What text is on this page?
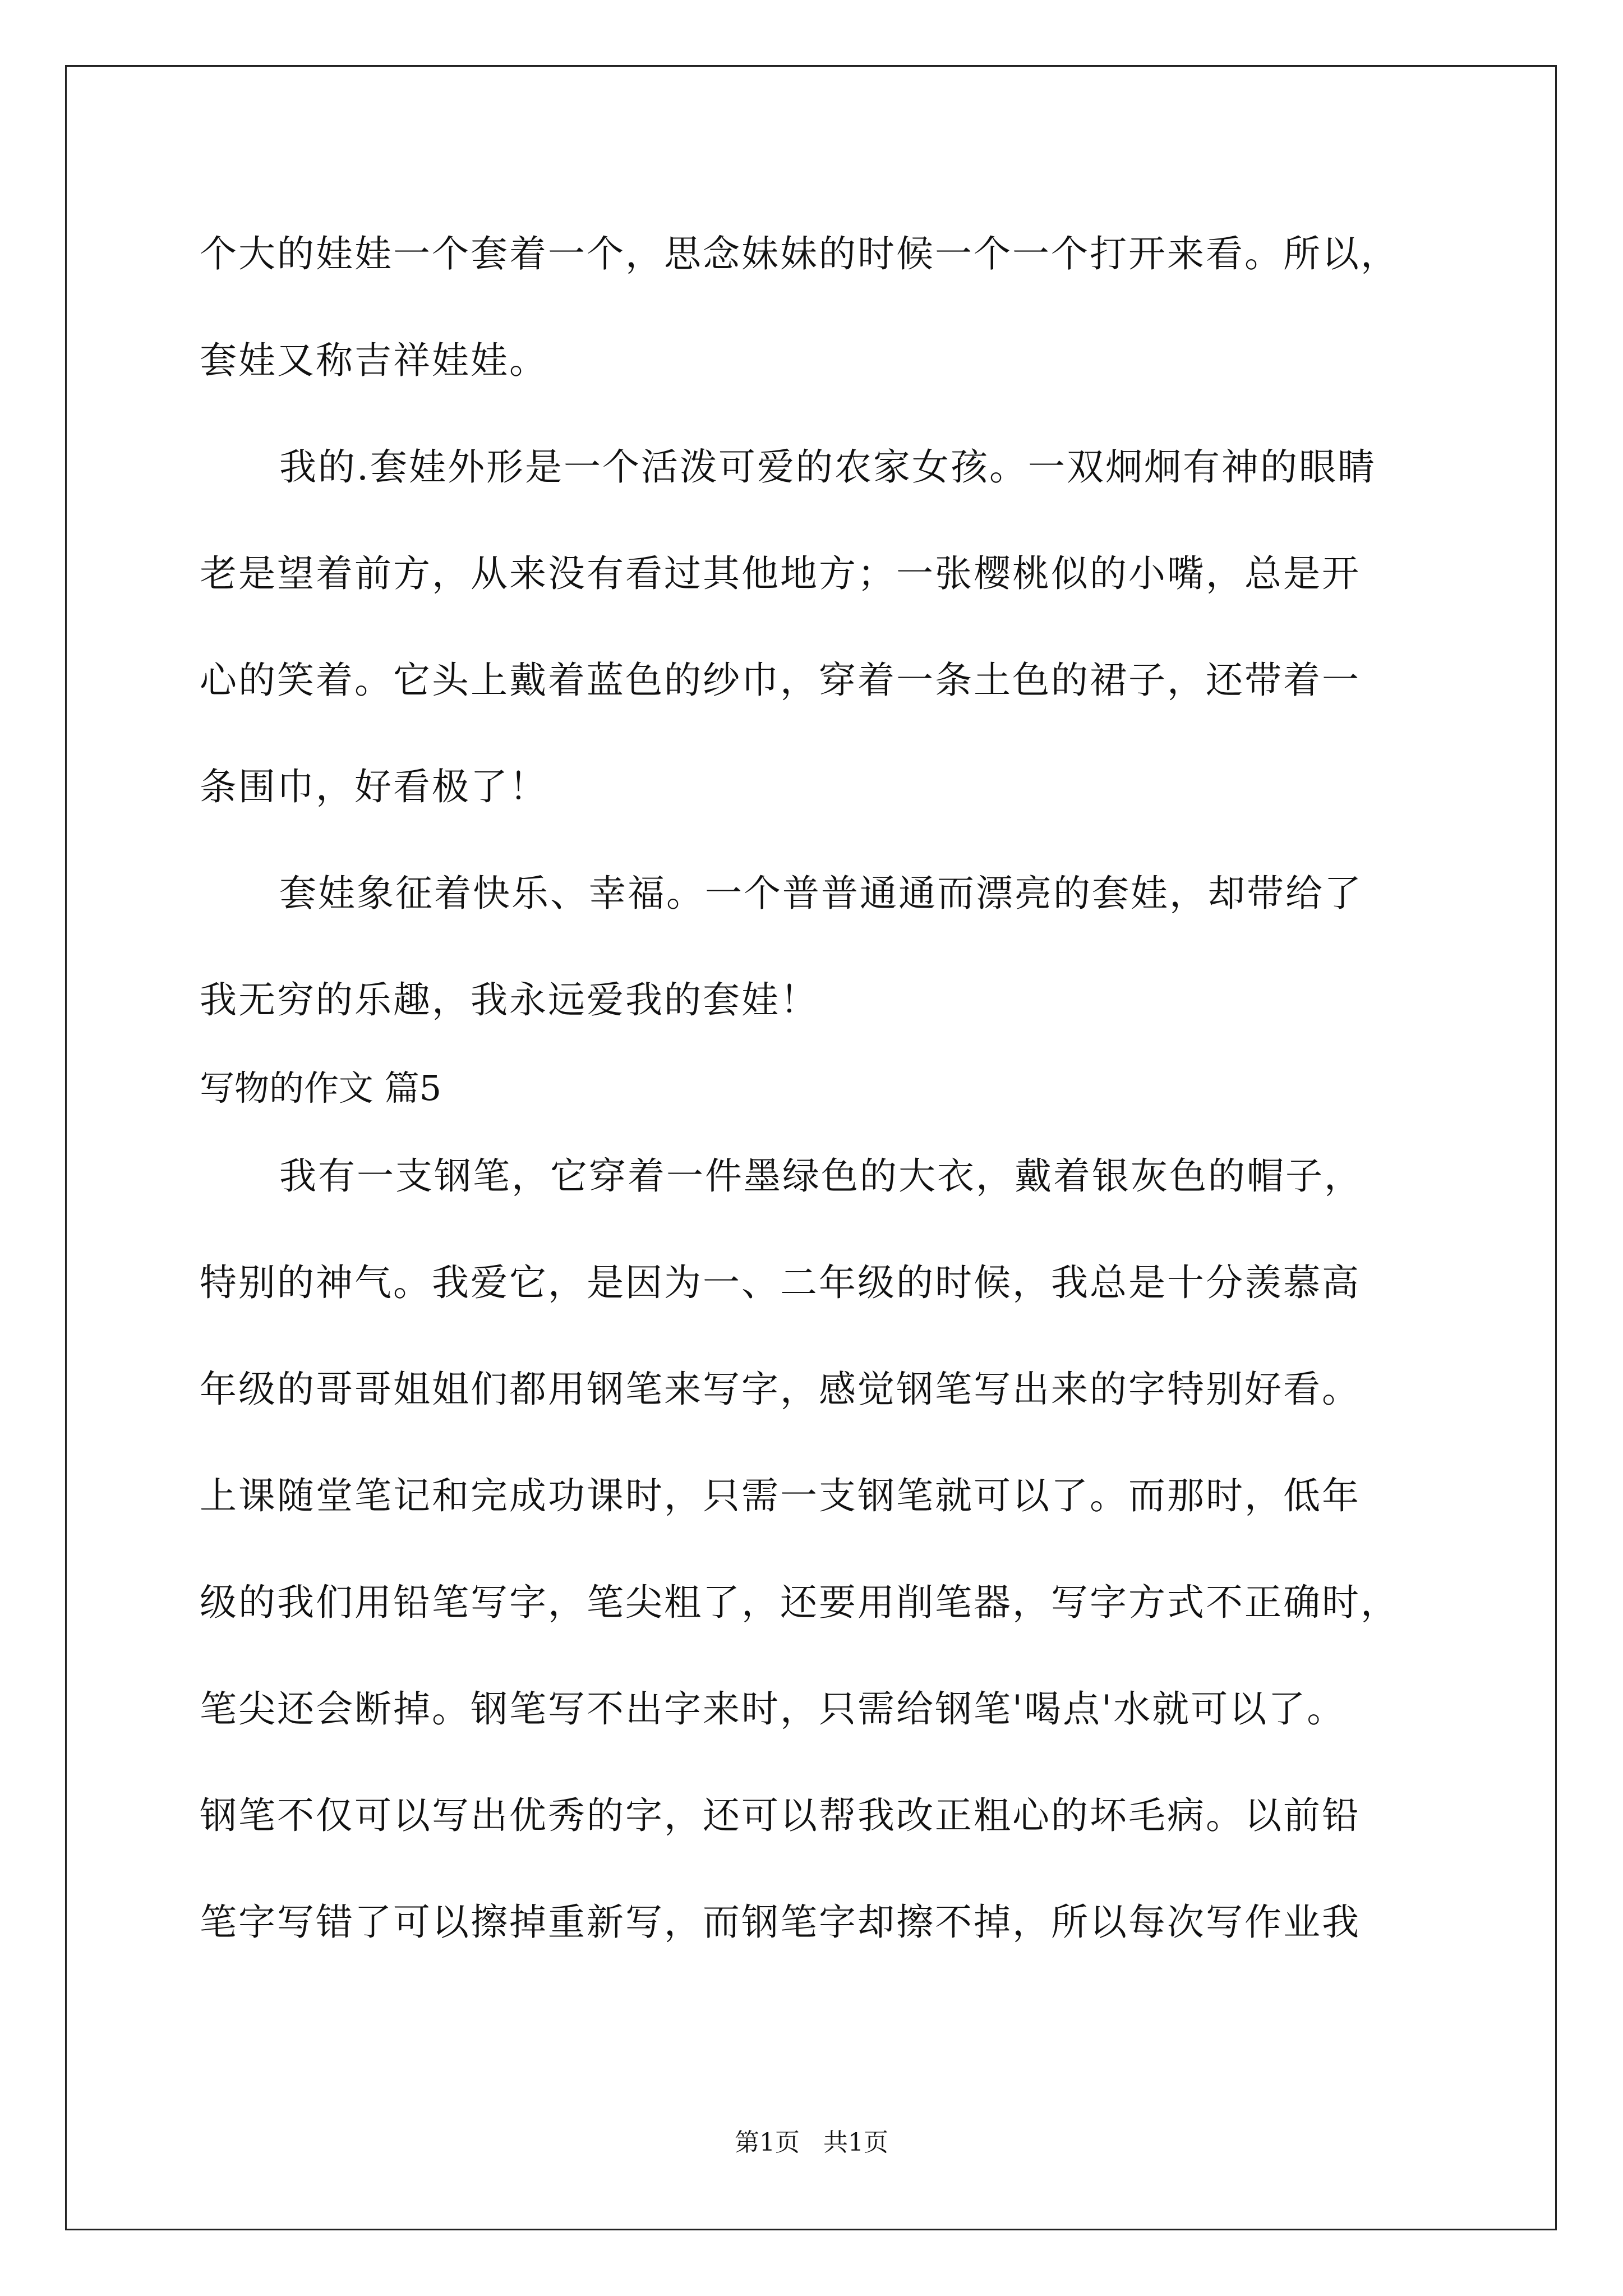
个大的娃娃一个套着一个，思念妹妹的时候一个一个打开来看。所以，
套娃又称吉祥娃娃。
我的.套娃外形是一个活泼可爱的农家女孩。一双炯炯有神的眼睛
老是望着前方，从来没有看过其他地方；一张樱桃似的小嘴，总是开
心的笑着。它头上戴着蓝色的纱巾，穿着一条土色的裙子，还带着一
条围巾，好看极了！
套娃象征着快乐、幸福。一个普普通通而漂亮的套娃，却带给了
我无穷的乐趣，我永远爱我的套娃！
写物的作文 篇5
我有一支钢笔，它穿着一件墨绿色的大衣，戴着银灰色的帽子，
特别的神气。我爱它，是因为一、二年级的时候，我总是十分羡慕高
年级的哥哥姐姐们都用钢笔来写字，感觉钢笔写出来的字特别好看。
上课随堂笔记和完成功课时，只需一支钢笔就可以了。而那时，低年
级的我们用铅笔写字，笔尖粗了，还要用削笔器，写字方式不正确时，
笔尖还会断掉。钢笔写不出字来时，只需给钢笔'喝点'水就可以了。
钢笔不仅可以写出优秀的字，还可以帮我改正粗心的坏毛病。以前铅
笔字写错了可以擦掉重新写，而钢笔字却擦不掉，所以每次写作业我
第1页   共1页
